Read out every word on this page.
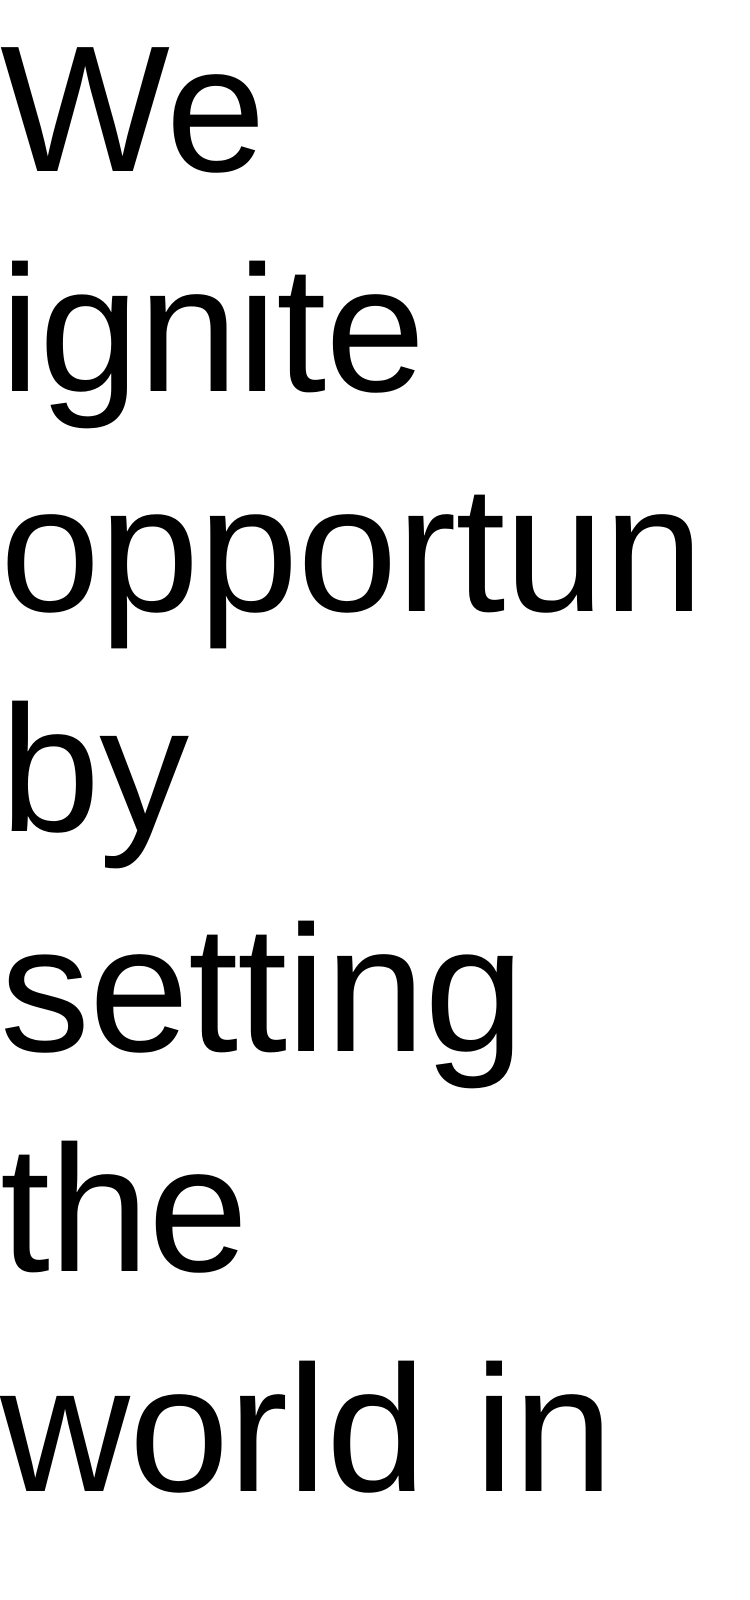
We
ignite
opportun
by
setting
the
world in
